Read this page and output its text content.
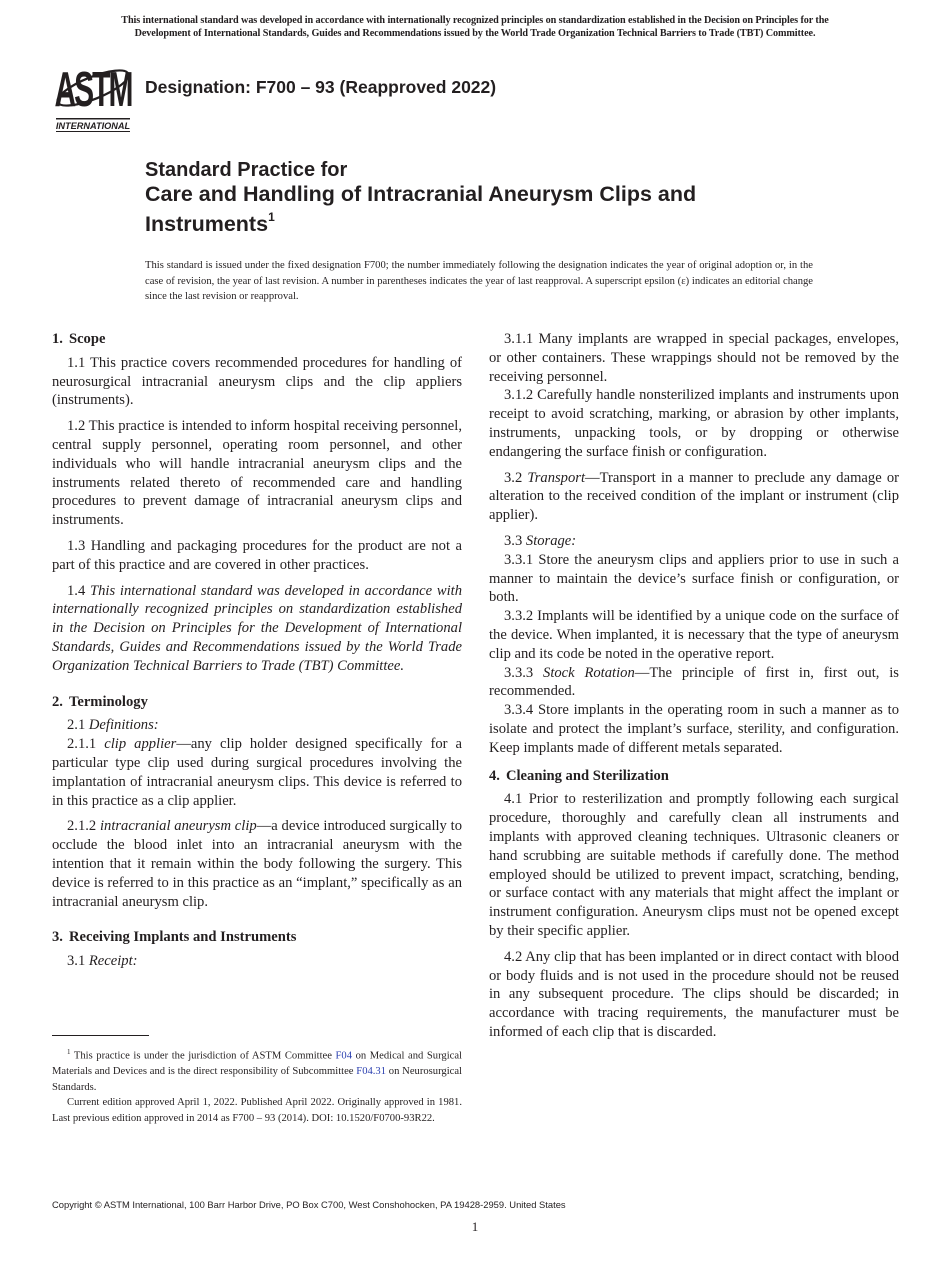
This international standard was developed in accordance with internationally recognized principles on standardization established in the Decision on Principles for the
Development of International Standards, Guides and Recommendations issued by the World Trade Organization Technical Barriers to Trade (TBT) Committee.
ASTM
INTERNATIONAL
Designation: F700 – 93 (Reapproved 2022)
Standard Practice for
Care and Handling of Intracranial Aneurysm Clips and
Instruments$^1$
This standard is issued under the fixed designation F700; the number immediately following the designation indicates the year of original adoption or, in the case of revision, the year of last revision. A number in parentheses indicates the year of last reapproval. A superscript epsilon (ε) indicates an editorial change since the last revision or reapproval.
1. Scope

1.1 This practice covers recommended procedures for handling of neurosurgical intracranial aneurysm clips and the clip appliers (instruments).

1.2 This practice is intended to inform hospital receiving personnel, central supply personnel, operating room personnel, and other individuals who will handle intracranial aneurysm clips and the instruments related thereto of recommended care and handling procedures to prevent damage of intracranial aneurysm clips and instruments.

1.3 Handling and packaging procedures for the product are not a part of this practice and are covered in other practices.

1.4 This international standard was developed in accordance with internationally recognized principles on standardization established in the Decision on Principles for the Development of International Standards, Guides and Recommendations issued by the World Trade Organization Technical Barriers to Trade (TBT) Committee.

2. Terminology

2.1 Definitions:

2.1.1 clip applier—any clip holder designed specifically for a particular type clip used during surgical procedures involving the implantation of intracranial aneurysm clips. This device is referred to in this practice as a clip applier.

2.1.2 intracranial aneurysm clip—a device introduced surgically to occlude the blood inlet into an intracranial aneurysm with the intention that it remain within the body following the surgery. This device is referred to in this practice as an “implant,” specifically as an intracranial aneurysm clip.

3. Receiving Implants and Instruments

3.1 Receipt:

3.1.1 Many implants are wrapped in special packages, envelopes, or other containers. These wrappings should not be removed by the receiving personnel.

3.1.2 Carefully handle nonsterilized implants and instruments upon receipt to avoid scratching, marking, or abrasion by other implants, instruments, unpacking tools, or by dropping or otherwise endangering the surface finish or configuration.

3.2 Transport—Transport in a manner to preclude any damage or alteration to the received condition of the implant or instrument (clip applier).

3.3 Storage:

3.3.1 Store the aneurysm clips and appliers prior to use in such a manner to maintain the device’s surface finish or configuration, or both.

3.3.2 Implants will be identified by a unique code on the surface of the device. When implanted, it is necessary that the type of aneurysm clip and its code be noted in the operative report.

3.3.3 Stock Rotation—The principle of first in, first out, is recommended.

3.3.4 Store implants in the operating room in such a manner as to isolate and protect the implant’s surface, sterility, and configuration. Keep implants made of different metals separated.

4. Cleaning and Sterilization

4.1 Prior to resterilization and promptly following each surgical procedure, thoroughly and carefully clean all instruments and implants with approved cleaning techniques. Ultrasonic cleaners or hand scrubbing are suitable methods if carefully done. The method employed should be utilized to prevent impact, scratching, bending, or surface contact with any materials that might affect the implant or instrument configuration. Aneurysm clips must not be opened except by their specific applier.

4.2 Any clip that has been implanted or in direct contact with blood or body fluids and is not used in the procedure should not be reused in any subsequent procedure. The clips should be discarded; in accordance with tracing requirements, the manufacturer must be informed of each clip that is discarded.

$^1$ This practice is under the jurisdiction of ASTM Committee F04 on Medical and Surgical Materials and Devices and is the direct responsibility of Subcommittee F04.31 on Neurosurgical Standards.

Current edition approved April 1, 2022. Published April 2022. Originally approved in 1981. Last previous edition approved in 2014 as F700 – 93 (2014). DOI: 10.1520/F0700-93R22.

Copyright © ASTM International, 100 Barr Harbor Drive, PO Box C700, West Conshohocken, PA 19428-2959. United States
1
